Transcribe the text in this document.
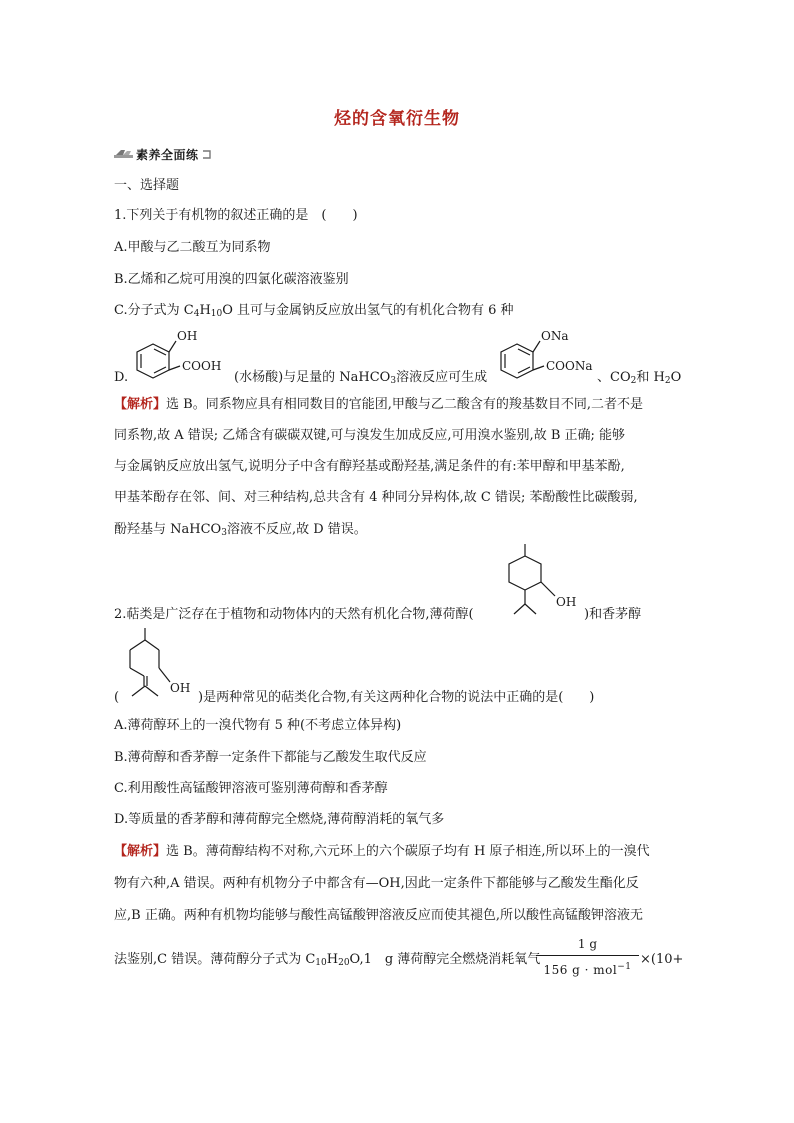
烃的含氧衍生物
素养全面练
一、选择题
1.下列关于有机物的叙述正确的是　(　　)
A.甲酸与乙二酸互为同系物
B.乙烯和乙烷可用溴的四氯化碳溶液鉴别
C.分子式为 $C_4H_{10}O$ 且可与金属钠反应放出氢气的有机化合物有 6 种
D.
OH
COOH
(水杨酸)与足量的 NaHCO$_3$溶液反应可生成
ONa
COONa
、$CO_2$和 $H_2O$
【解析】选 B。同系物应具有相同数目的官能团,甲酸与乙二酸含有的羧基数目不同,二者不是
同系物,故 A 错误; 乙烯含有碳碳双键,可与溴发生加成反应,可用溴水鉴别,故 B 正确; 能够
与金属钠反应放出氢气,说明分子中含有醇羟基或酚羟基,满足条件的有:苯甲醇和甲基苯酚,
甲基苯酚存在邻、间、对三种结构,总共含有 4 种同分异构体,故 C 错误; 苯酚酸性比碳酸弱,
酚羟基与 NaHCO$_3$溶液不反应,故 D 错误。
2.萜类是广泛存在于植物和动物体内的天然有机化合物,薄荷醇(
OH
)和香茅醇
OH
(	)是两种常见的萜类化合物,有关这两种化合物的说法中正确的是(　　)
A.薄荷醇环上的一溴代物有 5 种(不考虑立体异构)
B.薄荷醇和香茅醇一定条件下都能与乙酸发生取代反应
C.利用酸性高锰酸钾溶液可鉴别薄荷醇和香茅醇
D.等质量的香茅醇和薄荷醇完全燃烧,薄荷醇消耗的氧气多
【解析】选 B。薄荷醇结构不对称,六元环上的六个碳原子均有 H 原子相连,所以环上的一溴代
物有六种,A 错误。两种有机物分子中都含有—OH,因此一定条件下都能够与乙酸发生酯化反
应,B 正确。两种有机物均能够与酸性高锰酸钾溶液反应而使其褪色,所以酸性高锰酸钾溶液无
法鉴别,C 错误。薄荷醇分子式为 $C_{10}H_{20}O,1$　g 薄荷醇完全燃烧消耗氧气
1 g
156 g · mol$^{-1}$ ×(10+
